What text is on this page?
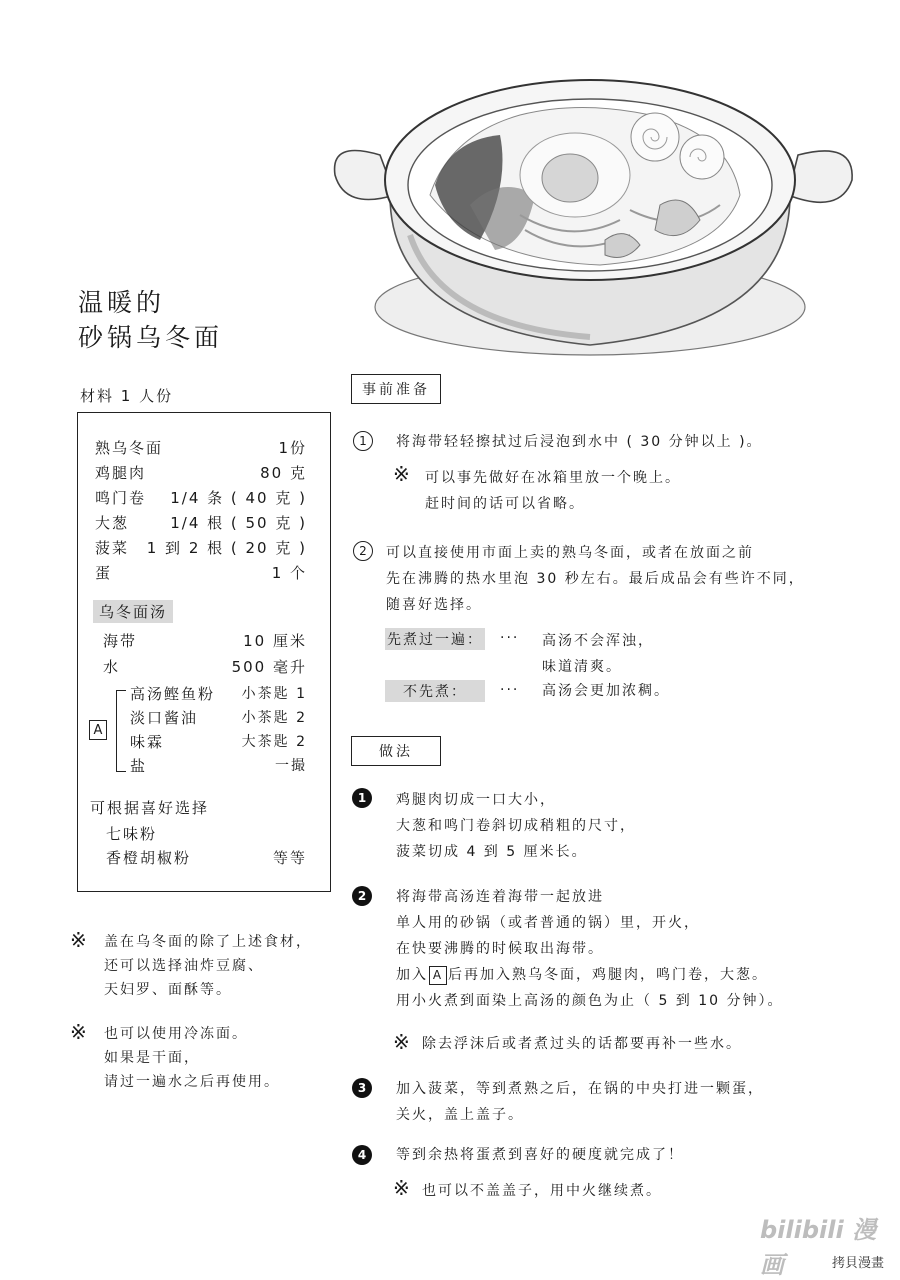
温暖的
砂锅乌冬面
材料 1 人份
熟乌冬面	1份
鸡腿肉	80 克
鸣门卷 1/4 条 ( 40 克 )
大葱	1/4 根 ( 50 克 )
菠菜 1 到 2 根 ( 20 克 )
蛋	1 个
乌冬面汤
海带	10 厘米
水	500 毫升
A
高汤鲣鱼粉 小茶匙 1
淡口酱油	小茶匙 2
味霖	大茶匙 2
盐	一撮
可根据喜好选择
七味粉
香橙胡椒粉	等等
※ 盖在乌冬面的除了上述食材，
还可以选择油炸豆腐、
天妇罗、面酥等。
※ 也可以使用冷冻面。
如果是干面，
请过一遍水之后再使用。
事前准备
1	将海带轻轻擦拭过后浸泡到水中 ( 30 分钟以上 )。
※ 可以事先做好在冰箱里放一个晚上。
赶时间的话可以省略。
2	可以直接使用市面上卖的熟乌冬面，或者在放面之前
先在沸腾的热水里泡 30 秒左右。最后成品会有些许不同，
随喜好选择。
先煮过一遍： ··· 高汤不会浑浊，
味道清爽。
不先煮：	··· 高汤会更加浓稠。
做法
1	鸡腿肉切成一口大小，
大葱和鸣门卷斜切成稍粗的尺寸，
菠菜切成 4 到 5 厘米长。
2	将海带高汤连着海带一起放进
单人用的砂锅（或者普通的锅）里，开火，
在快要沸腾的时候取出海带。
加入 A 后再加入熟乌冬面，鸡腿肉，鸣门卷，大葱。
用小火煮到面染上高汤的颜色为止（ 5 到 10 分钟）。
※ 除去浮沫后或者煮过头的话都要再补一些水。
3	加入菠菜，等到煮熟之后，在锅的中央打进一颗蛋，
关火，盖上盖子。
4	等到余热将蛋煮到喜好的硬度就完成了！
※ 也可以不盖盖子，用中火继续煮。
bilibili 漫画	拷貝漫畫
